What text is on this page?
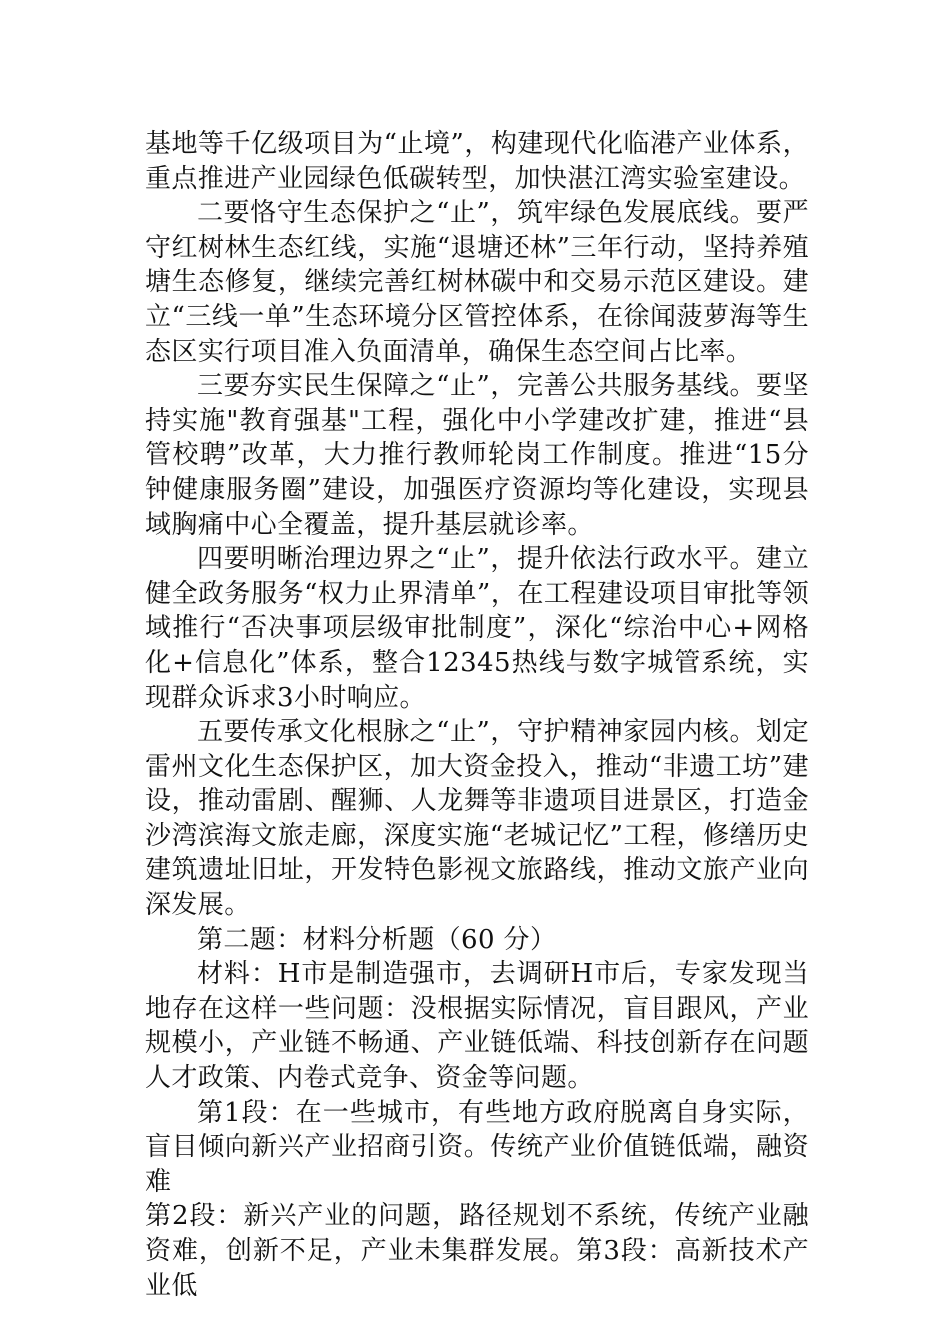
基地等千亿级项目为“止境”，构建现代化临港产业体系，重点推进产业园绿色低碳转型，加快湛江湾实验室建设。

二要恪守生态保护之“止”，筑牢绿色发展底线。要严守红树林生态红线，实施“退塘还林”三年行动，坚持养殖塘生态修复，继续完善红树林碳中和交易示范区建设。建立“三线一单”生态环境分区管控体系，在徐闻菠萝海等生态区实行项目准入负面清单，确保生态空间占比率。

三要夯实民生保障之“止”，完善公共服务基线。要坚持实施"教育强基"工程，强化中小学建改扩建，推进“县管校聘”改革，大力推行教师轮岗工作制度。推进“15分钟健康服务圈”建设，加强医疗资源均等化建设，实现县域胸痛中心全覆盖，提升基层就诊率。

四要明晰治理边界之“止”，提升依法行政水平。建立健全政务服务“权力止界清单”，在工程建设项目审批等领域推行“否决事项层级审批制度”，深化“综治中心+网格化+信息化”体系，整合12345热线与数字城管系统，实现群众诉求3小时响应。

五要传承文化根脉之“止”，守护精神家园内核。划定雷州文化生态保护区，加大资金投入，推动“非遗工坊”建设，推动雷剧、醒狮、人龙舞等非遗项目进景区，打造金沙湾滨海文旅走廊，深度实施“老城记忆”工程，修缮历史建筑遗址旧址，开发特色影视文旅路线，推动文旅产业向深发展。

第二题：材料分析题（60 分）

材料：H市是制造强市，去调研H市后，专家发现当地存在这样一些问题：没根据实际情况，盲目跟风，产业规模小，产业链不畅通、产业链低端、科技创新存在问题人才政策、内卷式竞争、资金等问题。

第1段：在一些城市，有些地方政府脱离自身实际，盲目倾向新兴产业招商引资。传统产业价值链低端，融资难

第2段：新兴产业的问题，路径规划不系统，传统产业融资难，创新不足，产业未集群发展。第3段：高新技术产业低
